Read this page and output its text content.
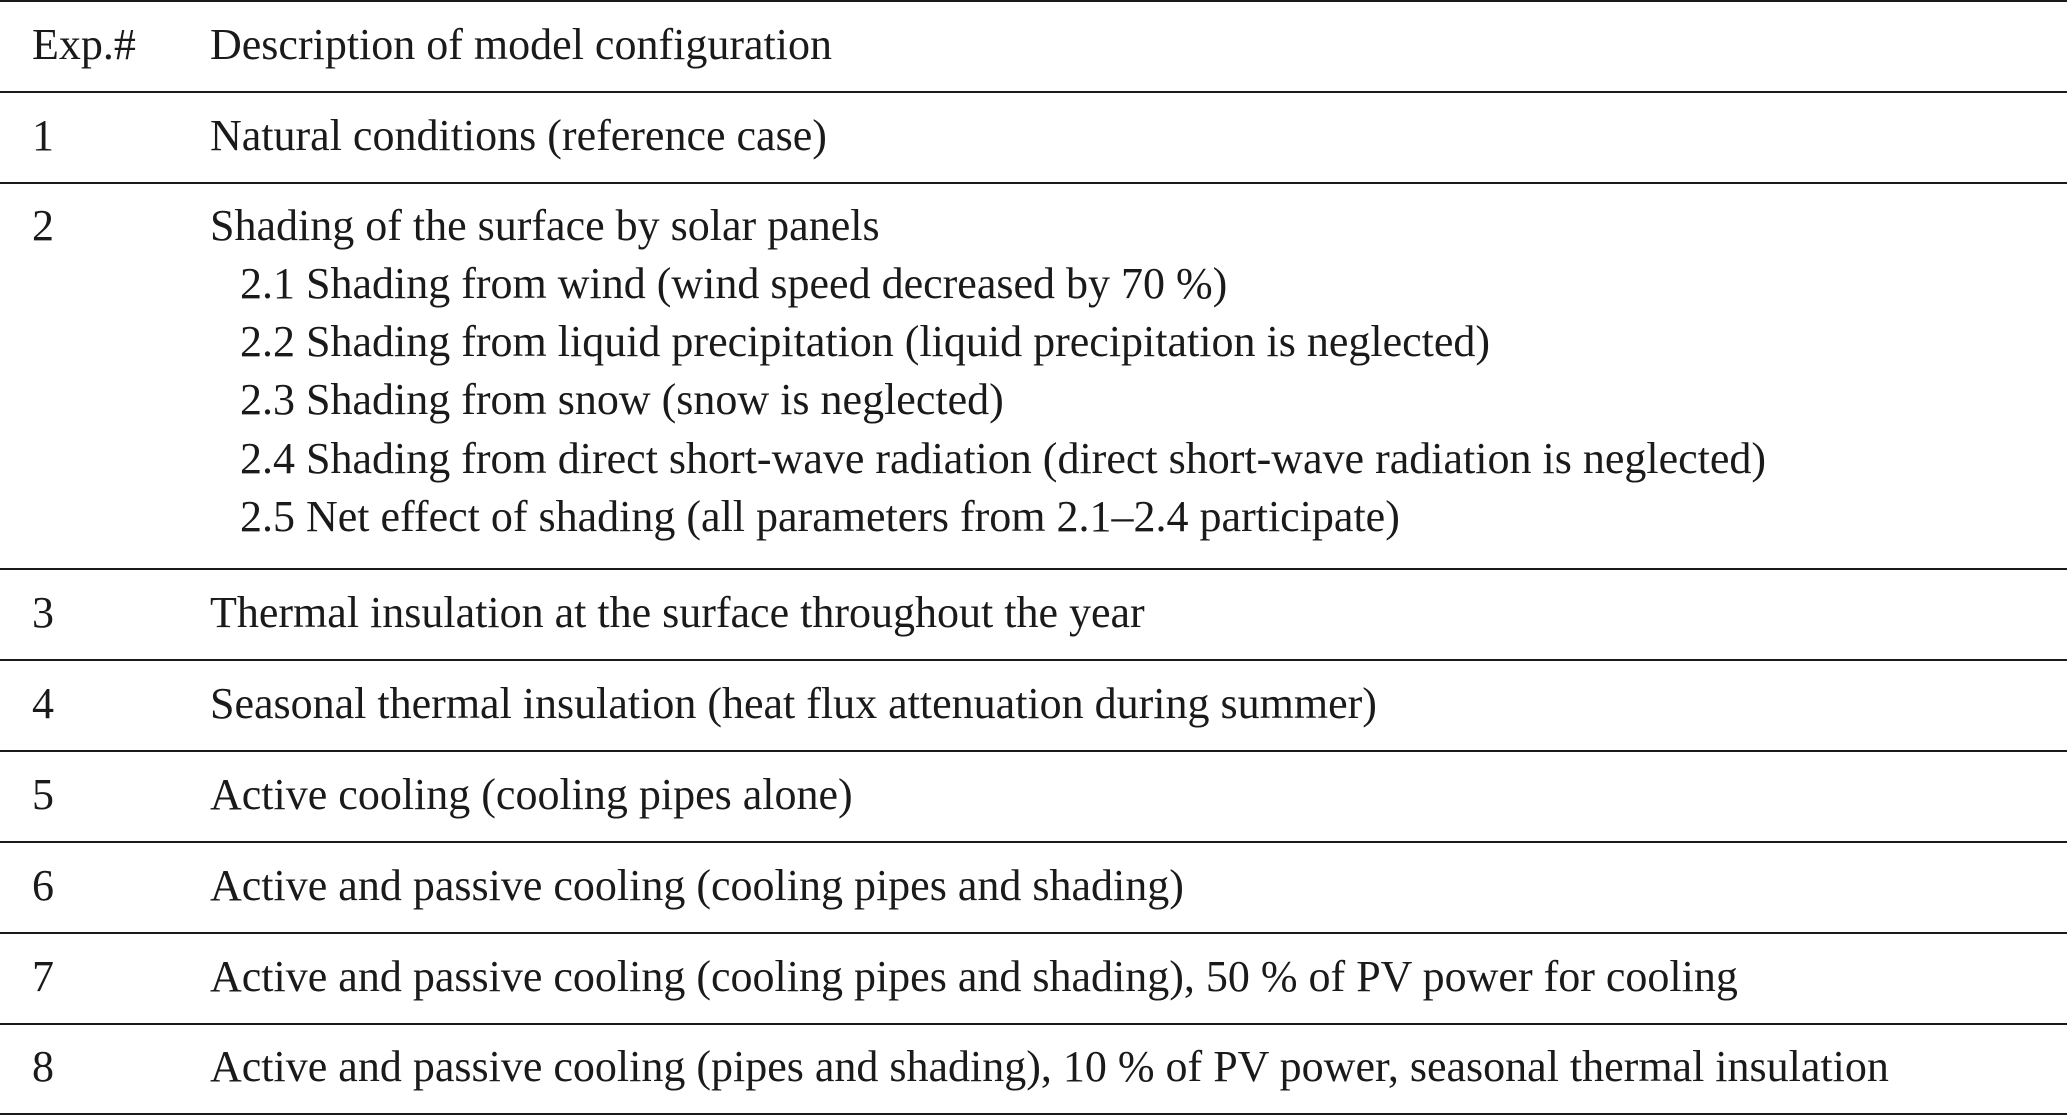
Exp.# Description of model configuration
1	Natural conditions (reference case)
2	Shading of the surface by solar panels
2.1 Shading from wind (wind speed decreased by 70 %)
2.2 Shading from liquid precipitation (liquid precipitation is neglected)
2.3 Shading from snow (snow is neglected)
2.4 Shading from direct short-wave radiation (direct short-wave radiation is neglected)
2.5 Net effect of shading (all parameters from 2.1–2.4 participate)
3	Thermal insulation at the surface throughout the year
4	Seasonal thermal insulation (heat flux attenuation during summer)
5	Active cooling (cooling pipes alone)
6	Active and passive cooling (cooling pipes and shading)
7	Active and passive cooling (cooling pipes and shading), 50 % of PV power for cooling
8	Active and passive cooling (pipes and shading), 10 % of PV power, seasonal thermal insulation
